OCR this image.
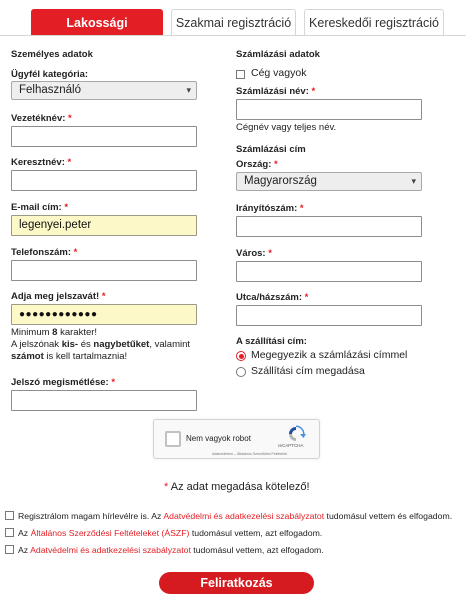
Lakossági regisztráció
Szakmai regisztráció	Kereskedői regisztráció
Személyes adatok
Ügyfél kategória:
Felhasználó	▾
Vezetéknév: *
Keresztnév: *
E-mail cím: *
legenyei.peter
Telefonszám: *
Adja meg jelszavát! *
●●●●●●●●●●●●
Minimum 8 karakter!
A jelszónak kis- és nagybetűket, valamint
számot is kell tartalmaznia!
Jelszó megismétlése: *
Számlázási adatok
Cég vagyok
Számlázási név: *
Cégnév vagy teljes név.
Számlázási cím
Ország: *
Magyarország	▾
Irányítószám: *
Város: *
Utca/házszám: *
A szállítási cím:
Megegyezik a számlázási címmel
Szállítási cím megadása
Nem vagyok robot
reCAPTCHA
Adatvédelem – Általános Szerződési Feltételek
* Az adat megadása kötelező!
Regisztrálom magam hírlevélre is. Az Adatvédelmi és adatkezelési szabályzatot tudomásul vettem és elfogadom.
Az Általános Szerződési Feltételeket (ÁSZF) tudomásul vettem, azt elfogadom.
Az Adatvédelmi és adatkezelési szabályzatot tudomásul vettem, azt elfogadom.
Feliratkozás
